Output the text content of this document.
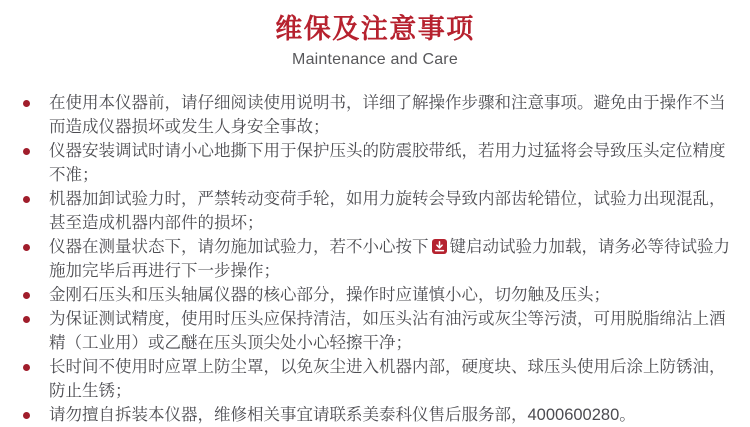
维保及注意事项
Maintenance and Care
在使用本仪器前，请仔细阅读使用说明书，详细了解操作步骤和注意事项。避免由于操作不当而造成仪器损坏或发生人身安全事故；
仪器安装调试时请小心地撕下用于保护压头的防震胶带纸，若用力过猛将会导致压头定位精度不准；
机器加卸试验力时，严禁转动变荷手轮，如用力旋转会导致内部齿轮错位，试验力出现混乱，甚至造成机器内部件的损坏；
仪器在测量状态下，请勿施加试验力，若不小心按下 键启动试验力加载，请务必等待试验力施加完毕后再进行下一步操作；
金刚石压头和压头轴属仪器的核心部分，操作时应谨慎小心，切勿触及压头；
为保证测试精度，使用时压头应保持清洁，如压头沾有油污或灰尘等污渍，可用脱脂绵沾上酒精（工业用）或乙醚在压头顶尖处小心轻擦干净；
长时间不使用时应罩上防尘罩，以免灰尘进入机器内部，硬度块、球压头使用后涂上防锈油，防止生锈；
请勿擅自拆装本仪器，维修相关事宜请联系美泰科仪售后服务部，4000600280。
